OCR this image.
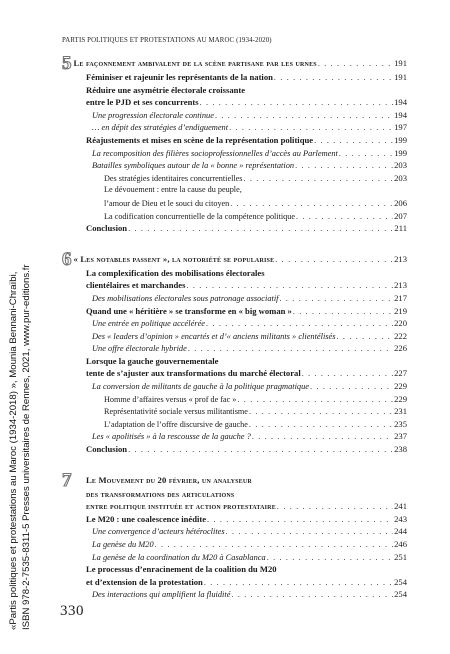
PARTIS POLITIQUES ET PROTESTATIONS AU MAROC (1934-2020)
«Partis politiques et protestations au Maroc (1934-2018) », Mounia Bennani-Chraïbi, ISBN 978-2-7535-8311-5 Presses universitaires de Rennes, 2021, www.pur-editions.fr
5 Le façonnement ambivalent de la scène partisane par les urnes . . .	191
Féminiser et rajeunir les représentants de la nation . . .	191
Réduire une asymétrie électorale croissante
entre le PJD et ses concurrents . . .	194
Une progression électorale continue . . .	194
… en dépit des stratégies d’endiguement . . .	197
Réajustements et mises en scène de la représentation politique . . .	199
La recomposition des filières socioprofessionnelles d’accès au Parlement . . .	199
Batailles symboliques autour de la « bonne » représentation . . .	203
Des stratégies identitaires concurrentielles . . .	203
Le dévouement : entre la cause du peuple,
l’amour de Dieu et le souci du citoyen . . .	206
La codification concurrentielle de la compétence politique . . .	207
Conclusion . . .	211
6 « Les notables passent », la notoriété se popularise . . .	213
La complexification des mobilisations électorales
clientélaires et marchandes . . .	213
Des mobilisations électorales sous patronage associatif . . .	217
Quand une « héritière » se transforme en « big woman » . . .	219
Une entrée en politique accélérée . . .	220
Des « leaders d’opinion » encartés et d’« anciens militants » clientélisés . . .	222
Une offre électorale hybride . . .	226
Lorsque la gauche gouvernementale
tente de s’ajuster aux transformations du marché électoral . . .	227
La conversion de militants de gauche à la politique pragmatique . . .	229
Homme d’affaires versus « prof de fac » . . .	229
Représentativité sociale versus militantisme . . .	231
L’adaptation de l’offre discursive de gauche . . .	235
Les « apolitisés » à la rescousse de la gauche ? . . .	237
Conclusion . . .	238
7	Le Mouvement du 20 février, un analyseur
des transformations des articulations
entre politique instituée et action protestataire . . .	241
Le M20 : une coalescence inédite . . .	243
Une convergence d’acteurs hétéroclites . . .	244
La genèse du M20 . . .	246
La genèse de la coordination du M20 à Casablanca . . .	251
Le processus d’enracinement de la coalition du M20
et d’extension de la protestation . . .	254
Des interactions qui amplifient la fluidité . . .	254
330
